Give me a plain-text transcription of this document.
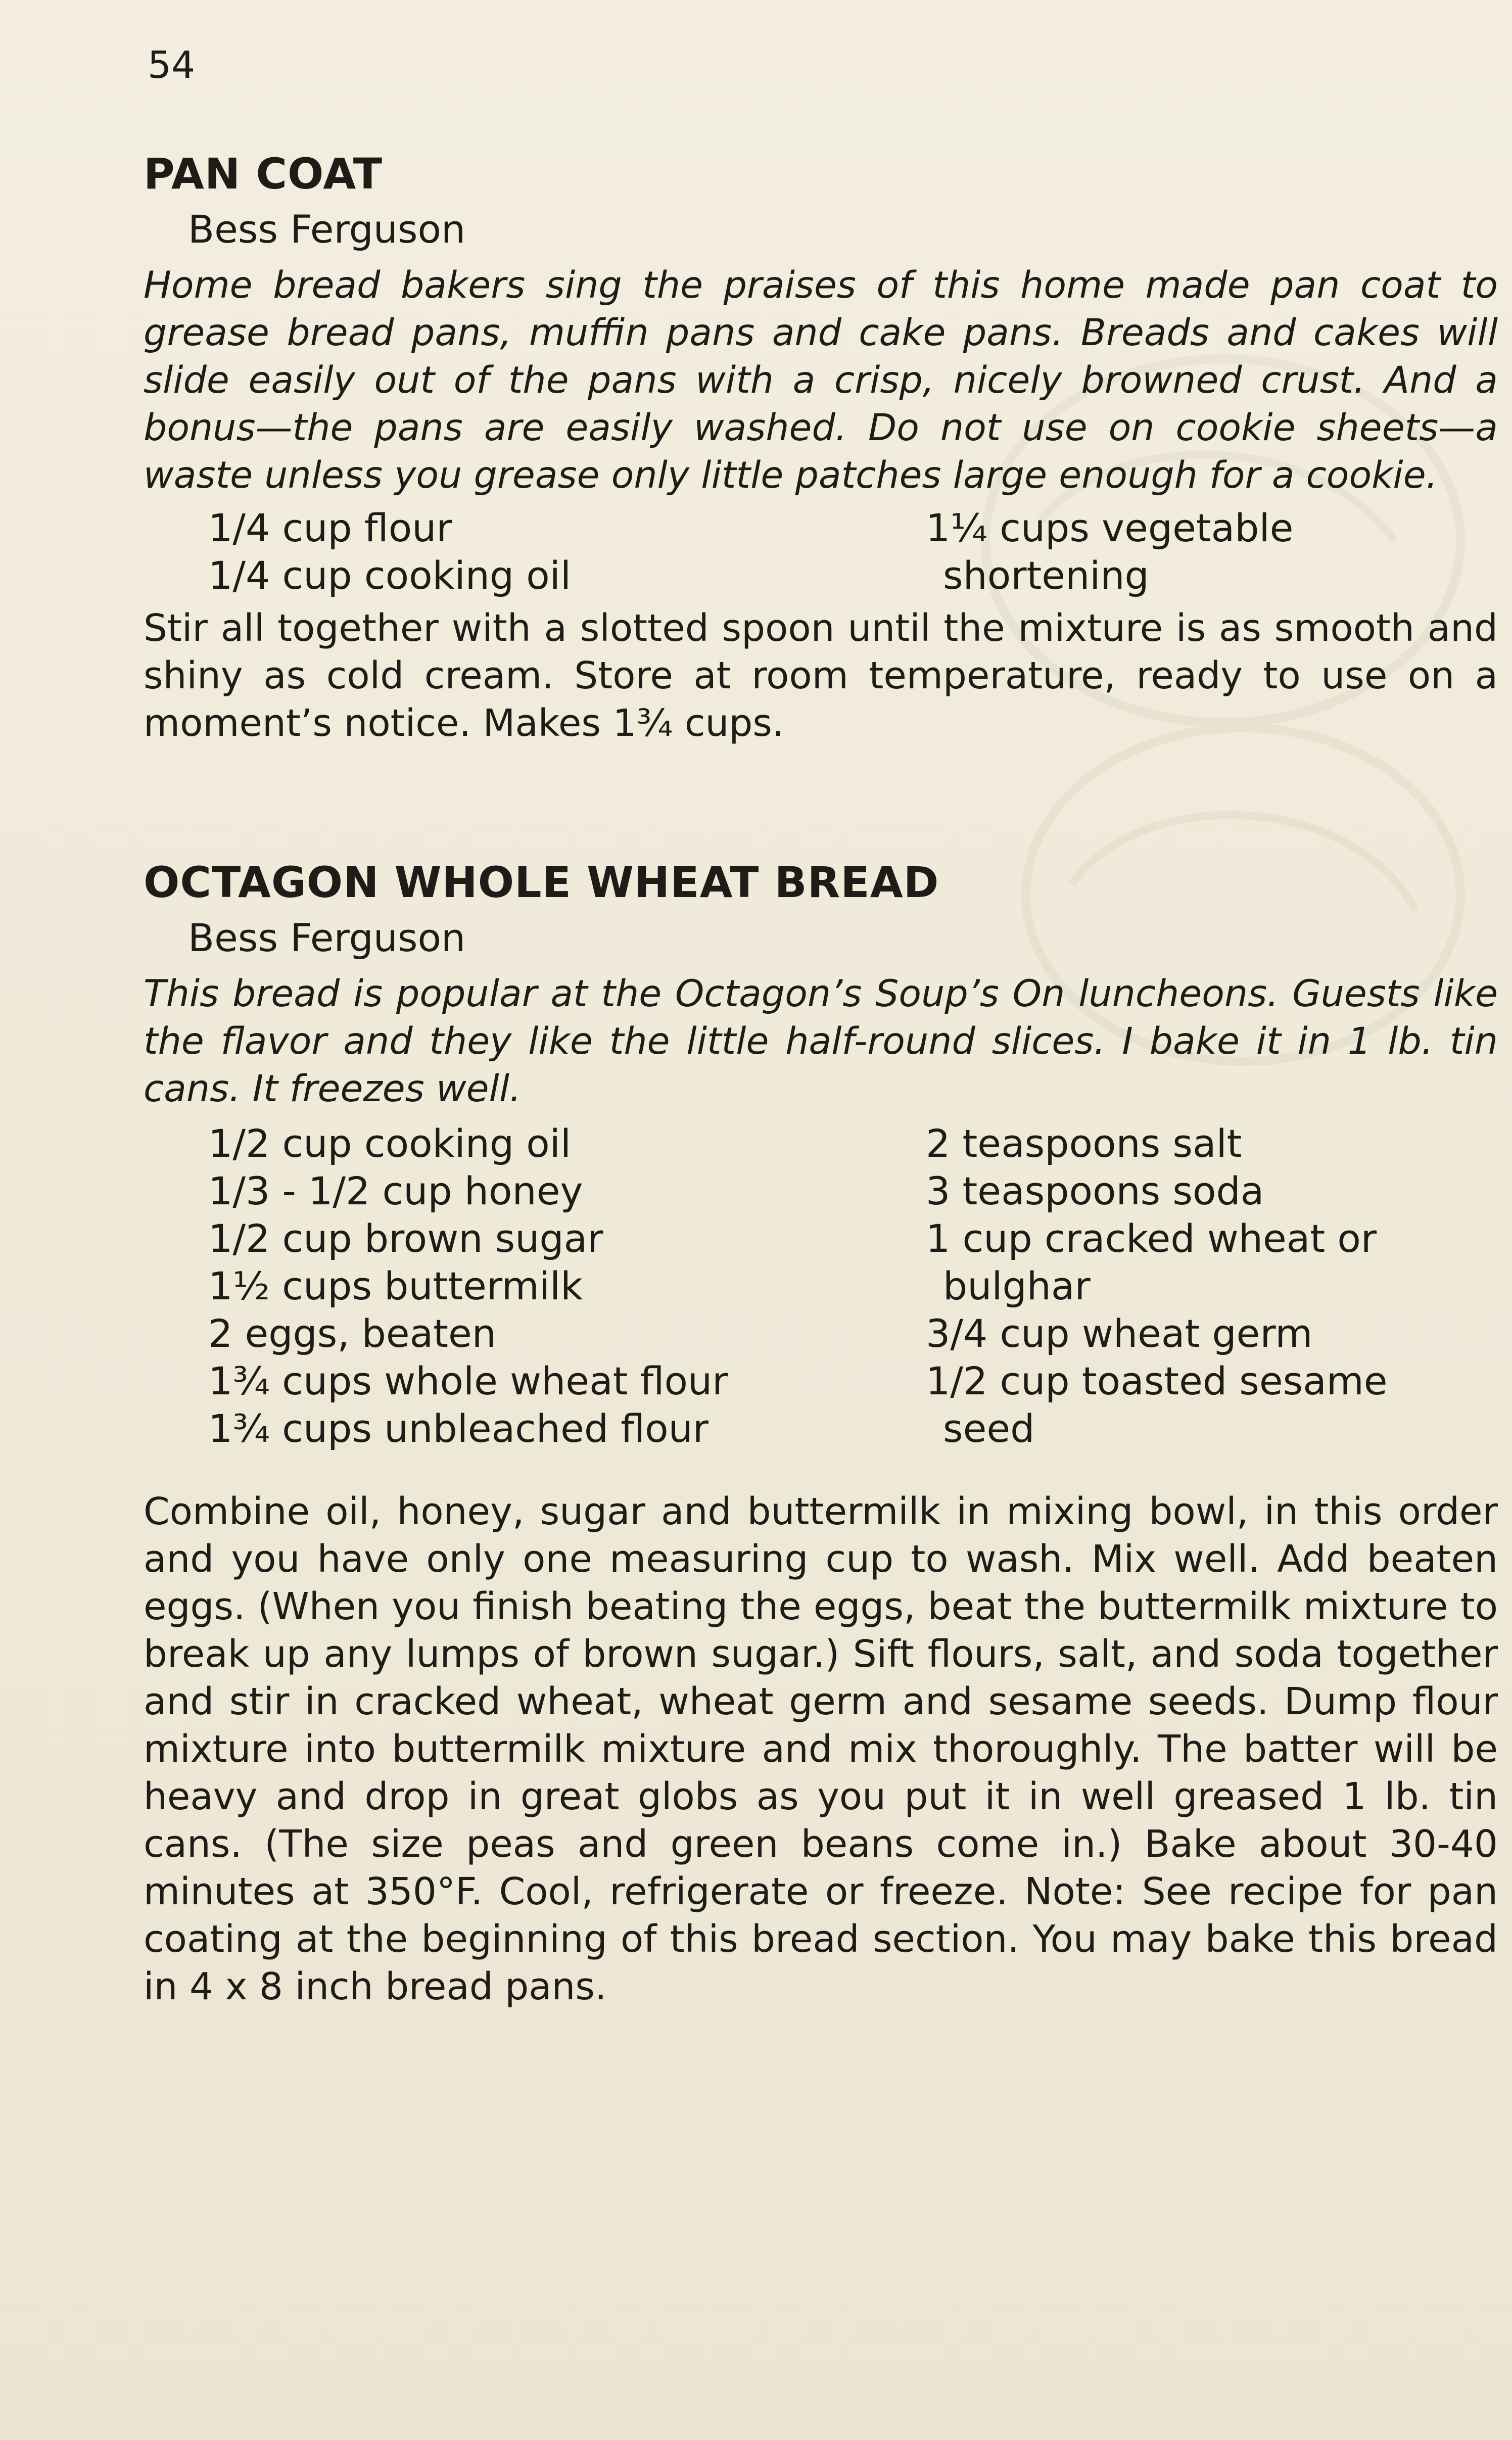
54
PAN COAT
Bess Ferguson

Home bread bakers sing the praises of this home made pan coat to grease bread pans, muffin pans and cake pans. Breads and cakes will slide easily out of the pans with a crisp, nicely browned crust. And a bonus—the pans are easily washed. Do not use on cookie sheets—a waste unless you grease only little patches large enough for a cookie.

1/4 cup flour
1/4 cup cooking oil
1¼ cups vegetable
shortening

Stir all together with a slotted spoon until the mixture is as smooth and shiny as cold cream. Store at room temperature, ready to use on a moment’s notice. Makes 1¾ cups.

OCTAGON WHOLE WHEAT BREAD
Bess Ferguson

This bread is popular at the Octagon’s Soup’s On luncheons. Guests like the flavor and they like the little half-round slices. I bake it in 1 lb. tin cans. It freezes well.

1/2 cup cooking oil
1/3 - 1/2 cup honey
1/2 cup brown sugar
1½ cups buttermilk
2 eggs, beaten
1¾ cups whole wheat flour
1¾ cups unbleached flour
2 teaspoons salt
3 teaspoons soda
1 cup cracked wheat or
bulghar
3/4 cup wheat germ
1/2 cup toasted sesame
seed

Combine oil, honey, sugar and buttermilk in mixing bowl, in this order and you have only one measuring cup to wash. Mix well. Add beaten eggs. (When you finish beating the eggs, beat the buttermilk mixture to break up any lumps of brown sugar.) Sift flours, salt, and soda together and stir in cracked wheat, wheat germ and sesame seeds. Dump flour mixture into buttermilk mixture and mix thoroughly. The batter will be heavy and drop in great globs as you put it in well greased 1 lb. tin cans. (The size peas and green beans come in.) Bake about 30-40 minutes at 350°F. Cool, refrigerate or freeze. Note: See recipe for pan coating at the beginning of this bread section. You may bake this bread in 4 x 8 inch bread pans.
